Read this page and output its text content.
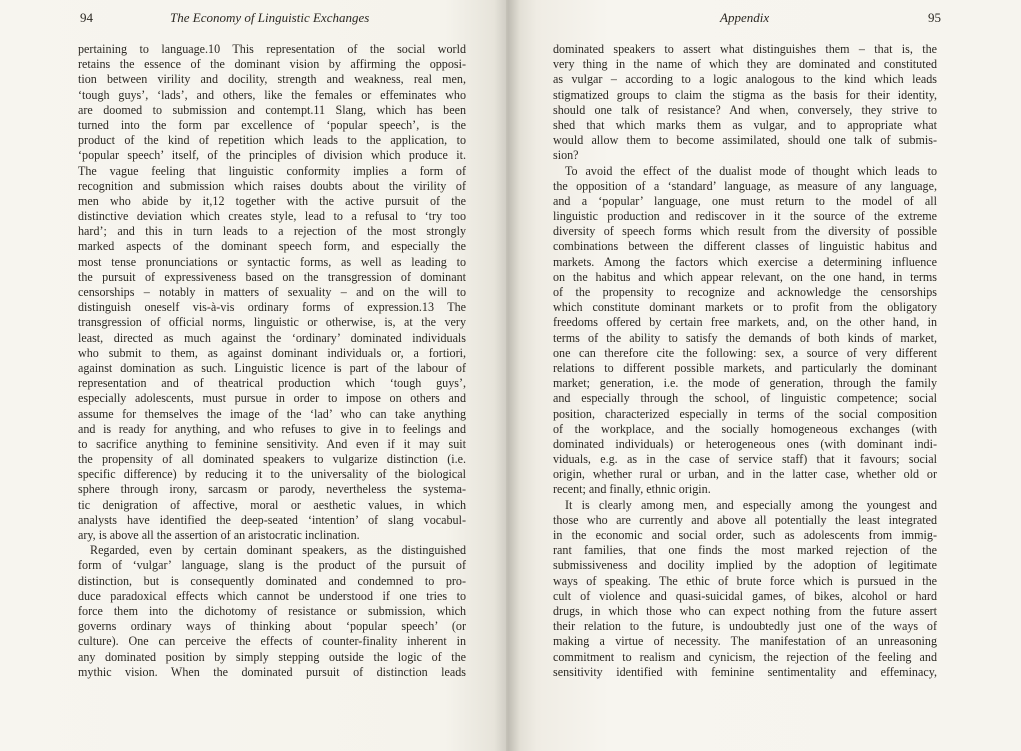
94	The Economy of Linguistic Exchanges
pertaining to language.10 This representation of the social world
retains the essence of the dominant vision by affirming the opposi-
tion between virility and docility, strength and weakness, real men,
‘tough guys’, ‘lads’, and others, like the females or effeminates who
are doomed to submission and contempt.11 Slang, which has been
turned into the form par excellence of ‘popular speech’, is the
product of the kind of repetition which leads to the application, to
‘popular speech’ itself, of the principles of division which produce it.
The vague feeling that linguistic conformity implies a form of
recognition and submission which raises doubts about the virility of
men who abide by it,12 together with the active pursuit of the
distinctive deviation which creates style, lead to a refusal to ‘try too
hard’; and this in turn leads to a rejection of the most strongly
marked aspects of the dominant speech form, and especially the
most tense pronunciations or syntactic forms, as well as leading to
the pursuit of expressiveness based on the transgression of dominant
censorships – notably in matters of sexuality – and on the will to
distinguish oneself vis-à-vis ordinary forms of expression.13 The
transgression of official norms, linguistic or otherwise, is, at the very
least, directed as much against the ‘ordinary’ dominated individuals
who submit to them, as against dominant individuals or, a fortiori,
against domination as such. Linguistic licence is part of the labour of
representation and of theatrical production which ‘tough guys’,
especially adolescents, must pursue in order to impose on others and
assume for themselves the image of the ‘lad’ who can take anything
and is ready for anything, and who refuses to give in to feelings and
to sacrifice anything to feminine sensitivity. And even if it may suit
the propensity of all dominated speakers to vulgarize distinction (i.e.
specific difference) by reducing it to the universality of the biological
sphere through irony, sarcasm or parody, nevertheless the systema-
tic denigration of affective, moral or aesthetic values, in which
analysts have identified the deep-seated ‘intention’ of slang vocabul-
ary, is above all the assertion of an aristocratic inclination.
Regarded, even by certain dominant speakers, as the distinguished
form of ‘vulgar’ language, slang is the product of the pursuit of
distinction, but is consequently dominated and condemned to pro-
duce paradoxical effects which cannot be understood if one tries to
force them into the dichotomy of resistance or submission, which
governs ordinary ways of thinking about ‘popular speech’ (or
culture). One can perceive the effects of counter-finality inherent in
any dominated position by simply stepping outside the logic of the
mythic vision. When the dominated pursuit of distinction leads
Appendix	95
dominated speakers to assert what distinguishes them – that is, the
very thing in the name of which they are dominated and constituted
as vulgar – according to a logic analogous to the kind which leads
stigmatized groups to claim the stigma as the basis for their identity,
should one talk of resistance? And when, conversely, they strive to
shed that which marks them as vulgar, and to appropriate what
would allow them to become assimilated, should one talk of submis-
sion?
To avoid the effect of the dualist mode of thought which leads to
the opposition of a ‘standard’ language, as measure of any language,
and a ‘popular’ language, one must return to the model of all
linguistic production and rediscover in it the source of the extreme
diversity of speech forms which result from the diversity of possible
combinations between the different classes of linguistic habitus and
markets. Among the factors which exercise a determining influence
on the habitus and which appear relevant, on the one hand, in terms
of the propensity to recognize and acknowledge the censorships
which constitute dominant markets or to profit from the obligatory
freedoms offered by certain free markets, and, on the other hand, in
terms of the ability to satisfy the demands of both kinds of market,
one can therefore cite the following: sex, a source of very different
relations to different possible markets, and particularly the dominant
market; generation, i.e. the mode of generation, through the family
and especially through the school, of linguistic competence; social
position, characterized especially in terms of the social composition
of the workplace, and the socially homogeneous exchanges (with
dominated individuals) or heterogeneous ones (with dominant indi-
viduals, e.g. as in the case of service staff) that it favours; social
origin, whether rural or urban, and in the latter case, whether old or
recent; and finally, ethnic origin.
It is clearly among men, and especially among the youngest and
those who are currently and above all potentially the least integrated
in the economic and social order, such as adolescents from immig-
rant families, that one finds the most marked rejection of the
submissiveness and docility implied by the adoption of legitimate
ways of speaking. The ethic of brute force which is pursued in the
cult of violence and quasi-suicidal games, of bikes, alcohol or hard
drugs, in which those who can expect nothing from the future assert
their relation to the future, is undoubtedly just one of the ways of
making a virtue of necessity. The manifestation of an unreasoning
commitment to realism and cynicism, the rejection of the feeling and
sensitivity identified with feminine sentimentality and effeminacy,
